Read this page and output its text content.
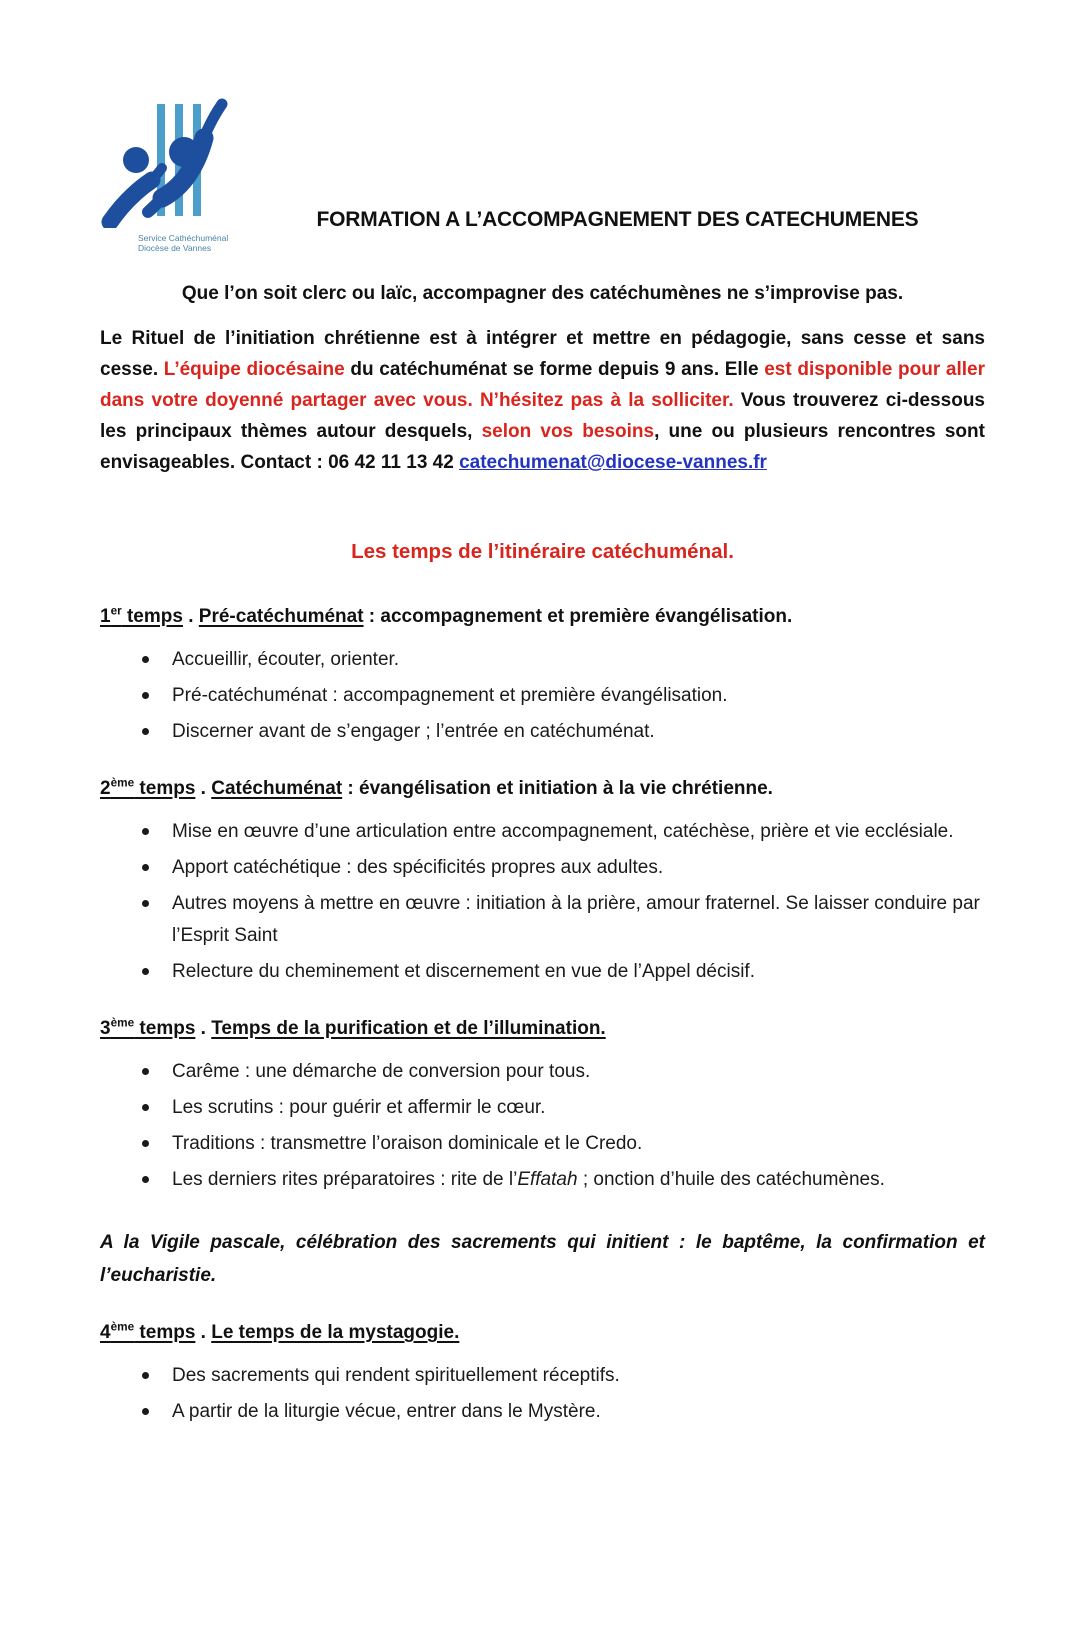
Service Cathéchuménal
Diocèse de Vannes
FORMATION A L’ACCOMPAGNEMENT DES CATECHUMENES
Que l’on soit clerc ou laïc, accompagner des catéchumènes ne s’improvise pas.

Le Rituel de l’initiation chrétienne est à intégrer et mettre en pédagogie, sans cesse et sans cesse. L’équipe diocésaine du catéchuménat se forme depuis 9 ans. Elle est disponible pour aller dans votre doyenné partager avec vous. N’hésitez pas à la solliciter. Vous trouverez ci-dessous les principaux thèmes autour desquels, selon vos besoins, une ou plusieurs rencontres sont envisageables. Contact : 06 42 11 13 42 catechumenat@diocese-vannes.fr

Les temps de l’itinéraire catéchuménal.
1er temps . Pré-catéchuménat : accompagnement et première évangélisation.
Accueillir, écouter, orienter.
Pré-catéchuménat : accompagnement et première évangélisation.
Discerner avant de s’engager ; l’entrée en catéchuménat.
2ème temps . Catéchuménat : évangélisation et initiation à la vie chrétienne.
Mise en œuvre d’une articulation entre accompagnement, catéchèse, prière et vie ecclésiale.
Apport catéchétique : des spécificités propres aux adultes.
Autres moyens à mettre en œuvre : initiation à la prière, amour fraternel. Se laisser conduire par l’Esprit Saint
Relecture du cheminement et discernement en vue de l’Appel décisif.
3ème temps . Temps de la purification et de l’illumination.
Carême : une démarche de conversion pour tous.
Les scrutins : pour guérir et affermir le cœur.
Traditions : transmettre l’oraison dominicale et le Credo.
Les derniers rites préparatoires : rite de l’Effatah ; onction d’huile des catéchumènes.

A la Vigile pascale, célébration des sacrements qui initient : le baptême, la confirmation et l’eucharistie.

4ème temps . Le temps de la mystagogie.
Des sacrements qui rendent spirituellement réceptifs.
A partir de la liturgie vécue, entrer dans le Mystère.
